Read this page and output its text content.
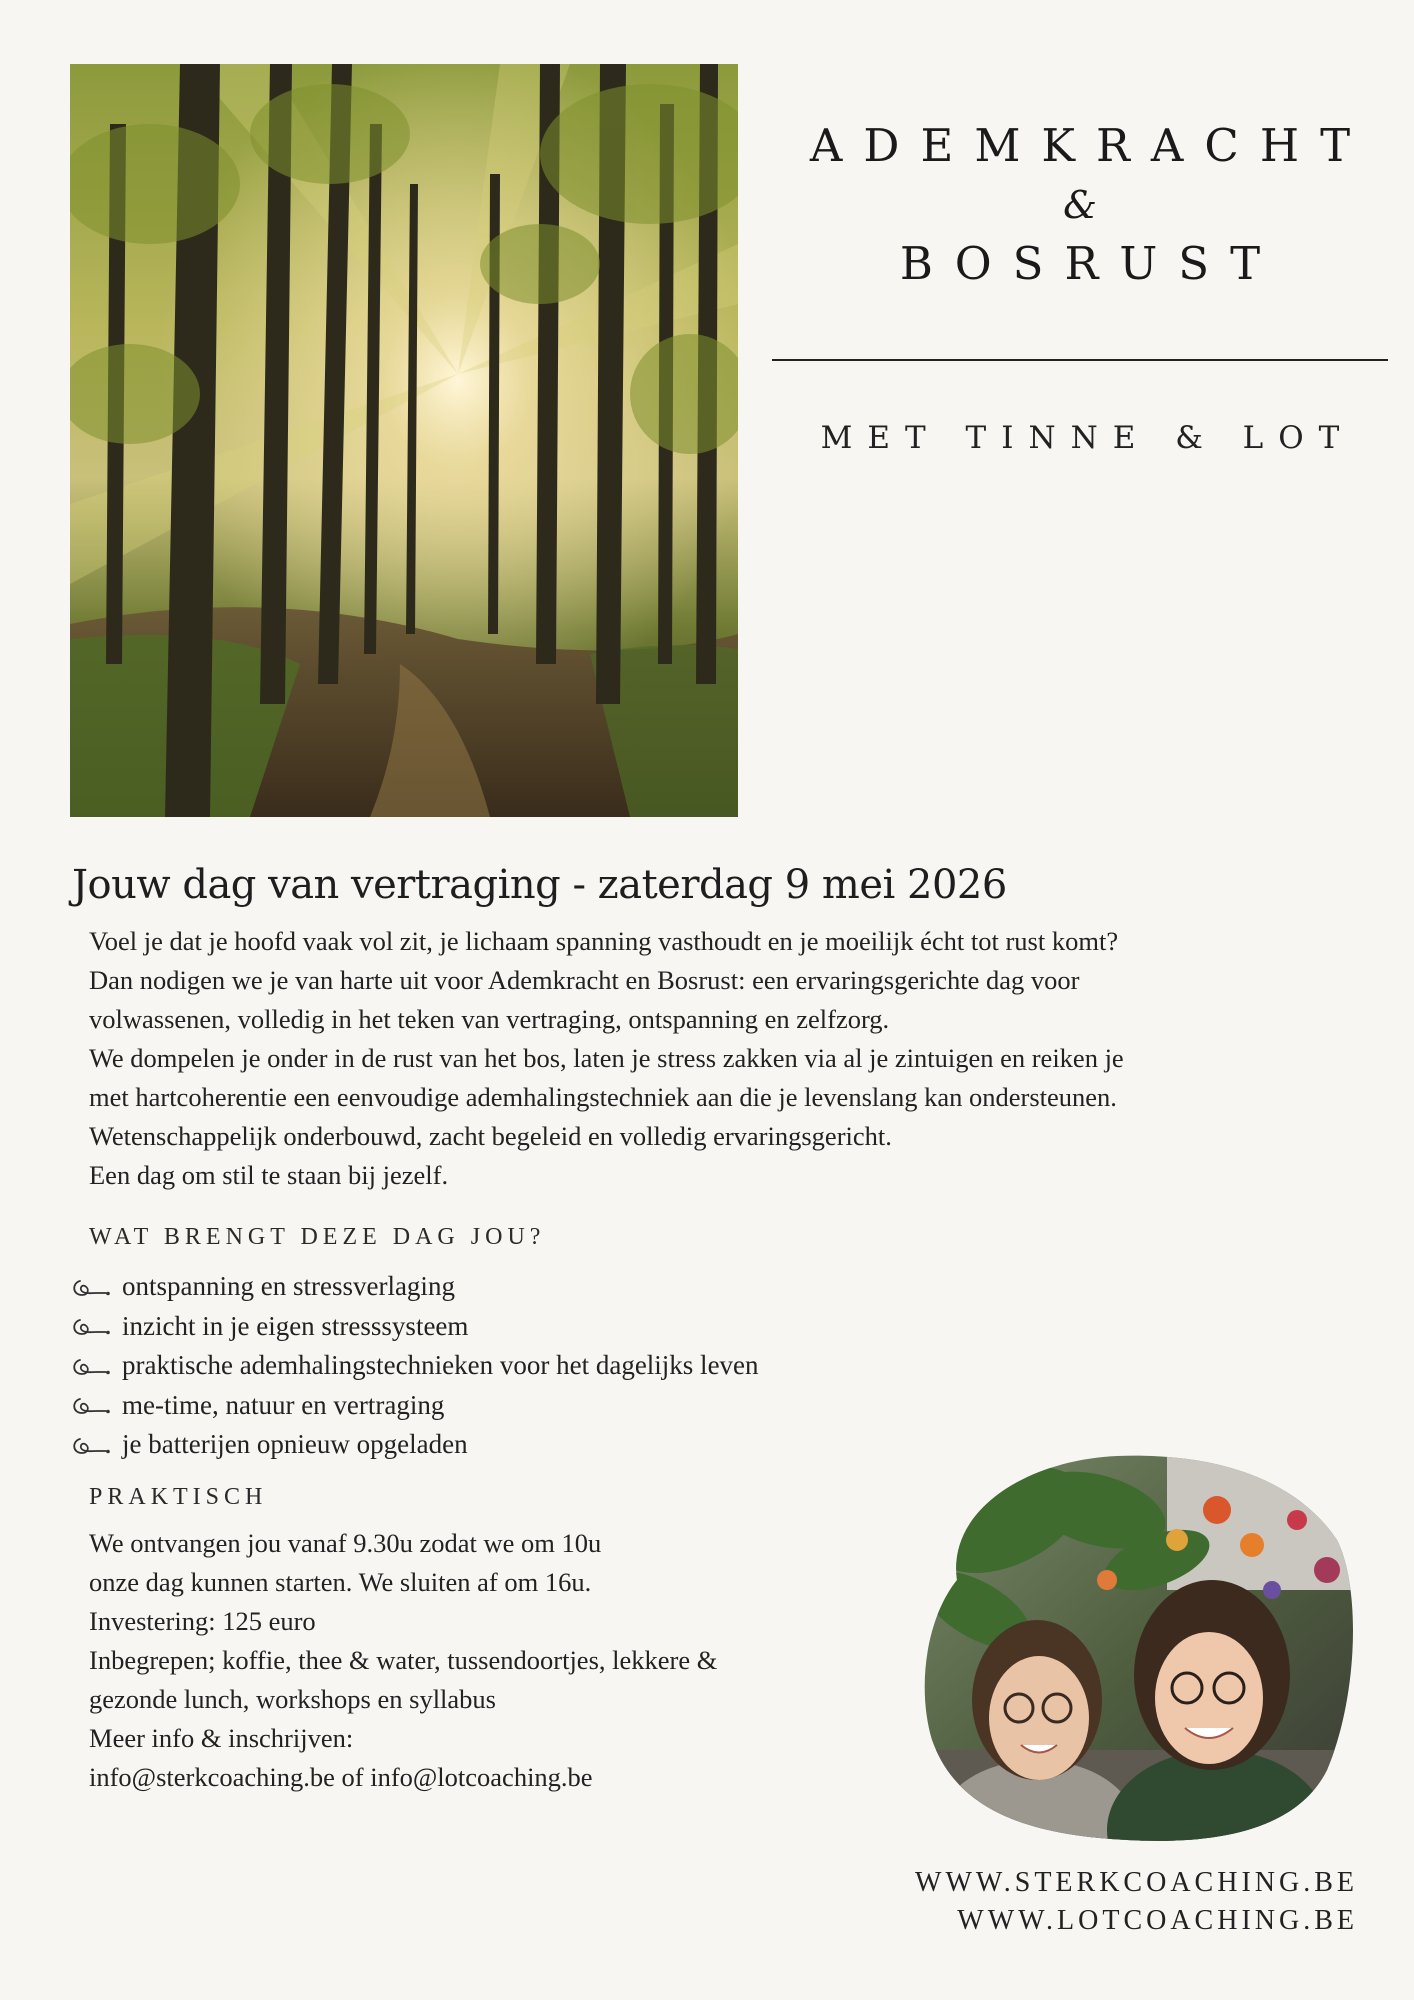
ADEMKRACHT
&
BOSRUST
MET TINNE & LOT
Jouw dag van vertraging - zaterdag 9 mei 2026

Voel je dat je hoofd vaak vol zit, je lichaam spanning vasthoudt en je moeilijk écht tot rust komt?

Dan nodigen we je van harte uit voor Ademkracht en Bosrust: een ervaringsgerichte dag voor

volwassenen, volledig in het teken van vertraging, ontspanning en zelfzorg.

We dompelen je onder in de rust van het bos, laten je stress zakken via al je zintuigen en reiken je

met hartcoherentie een eenvoudige ademhalingstechniek aan die je levenslang kan ondersteunen.

Wetenschappelijk onderbouwd, zacht begeleid en volledig ervaringsgericht.

Een dag om stil te staan bij jezelf.

WAT BRENGT DEZE DAG JOU?
ontspanning en stressverlaging
inzicht in je eigen stresssysteem
praktische ademhalingstechnieken voor het dagelijks leven
me-time, natuur en vertraging
je batterijen opnieuw opgeladen
PRAKTISCH

We ontvangen jou vanaf 9.30u zodat we om 10u

onze dag kunnen starten. We sluiten af om 16u.

Investering: 125 euro

Inbegrepen; koffie, thee & water, tussendoortjes, lekkere &

gezonde lunch, workshops en syllabus

Meer info & inschrijven:

info@sterkcoaching.be of info@lotcoaching.be

WWW.STERKCOACHING.BE
WWW.LOTCOACHING.BE
